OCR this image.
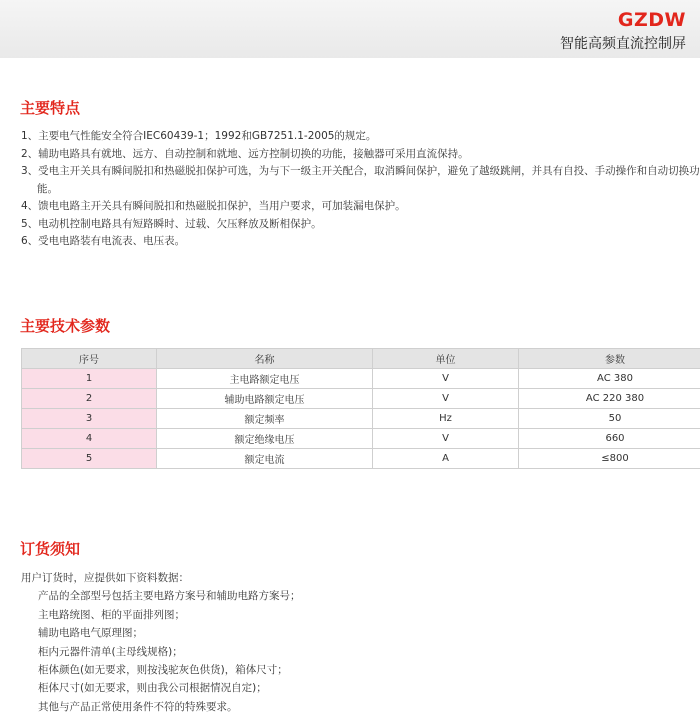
GZDW
智能高频直流控制屏
主要特点
1、主要电气性能安全符合IEC60439-1；1992和GB7251.1-2005的规定。
2、辅助电路具有就地、远方、自动控制和就地、远方控制切换的功能，接触器可采用直流保持。
3、受电主开关具有瞬间脱扣和热磁脱扣保护可选，为与下一级主开关配合，取消瞬间保护，避免了越级跳闸，并具有自投、手动操作和自动切换功能。
4、馈电电路主开关具有瞬间脱扣和热磁脱扣保护，当用户要求，可加装漏电保护。
5、电动机控制电路具有短路瞬时、过载、欠压释放及断相保护。
6、受电电路装有电流表、电压表。
主要技术参数
序号	名称	单位	参数
1	主电路额定电压	V	AC 380
2	辅助电路额定电压	V	AC 220 380
3	额定频率	Hz	50
4	额定绝缘电压	V	660
5	额定电流	A	≤800
订货须知
用户订货时，应提供如下资料数据：
产品的全部型号包括主要电路方案号和辅助电路方案号；
主电路统图、柜的平面排列图；
辅助电路电气原理图；
柜内元器件清单(主母线规格)；
柜体颜色(如无要求，则按浅驼灰色供货)，箱体尺寸；
柜体尺寸(如无要求，则由我公司根据情况自定)；
其他与产品正常使用条件不符的特殊要求。
